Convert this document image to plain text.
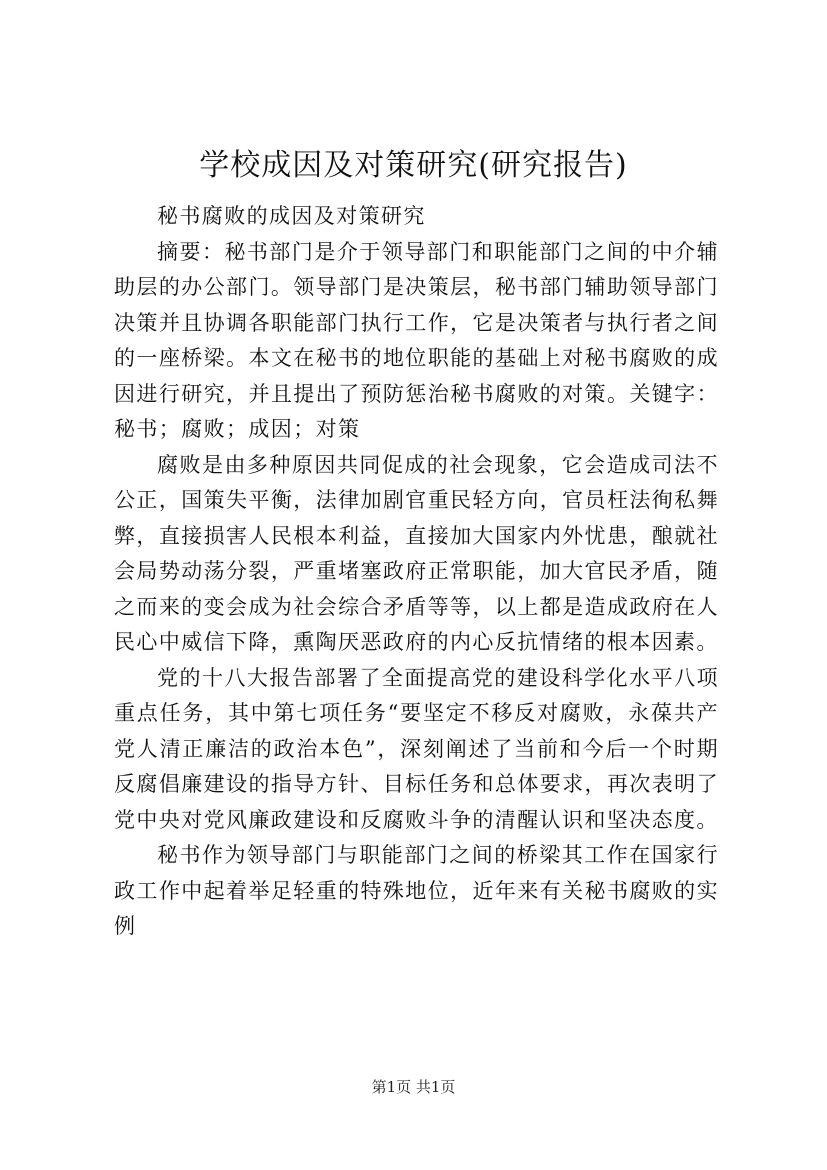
学校成因及对策研究(研究报告)

秘书腐败的成因及对策研究

摘要：秘书部门是介于领导部门和职能部门之间的中介辅助层的办公部门。领导部门是决策层，秘书部门辅助领导部门决策并且协调各职能部门执行工作，它是决策者与执行者之间的一座桥梁。本文在秘书的地位职能的基础上对秘书腐败的成因进行研究，并且提出了预防惩治秘书腐败的对策。关键字：秘书；腐败；成因；对策

腐败是由多种原因共同促成的社会现象，它会造成司法不公正，国策失平衡，法律加剧官重民轻方向，官员枉法徇私舞弊，直接损害人民根本利益，直接加大国家内外忧患，酿就社会局势动荡分裂，严重堵塞政府正常职能，加大官民矛盾，随之而来的变会成为社会综合矛盾等等，以上都是造成政府在人民心中威信下降，熏陶厌恶政府的内心反抗情绪的根本因素。

党的十八大报告部署了全面提高党的建设科学化水平八项重点任务，其中第七项任务“要坚定不移反对腐败，永葆共产党人清正廉洁的政治本色”，深刻阐述了当前和今后一个时期反腐倡廉建设的指导方针、目标任务和总体要求，再次表明了党中央对党风廉政建设和反腐败斗争的清醒认识和坚决态度。

秘书作为领导部门与职能部门之间的桥梁其工作在国家行政工作中起着举足轻重的特殊地位，近年来有关秘书腐败的实例

第1页 共1页
